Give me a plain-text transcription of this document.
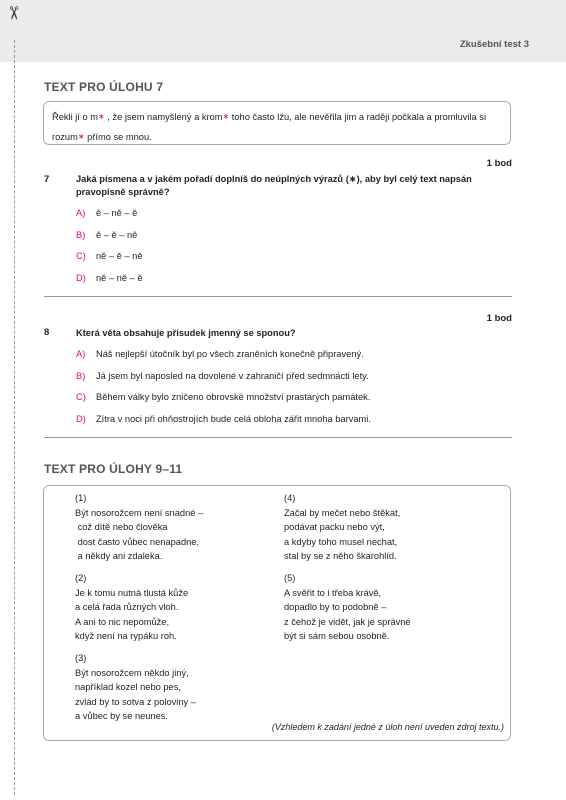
✂
Zkušební test 3
TEXT PRO ÚLOHU 7
Řekli jí o m∗ , že jsem namyšlený a krom∗ toho často lžu, ale nevěřila jim a raději počkala a promluvila si rozum∗ přímo se mnou.
1 bod
7	Jaká písmena a v jakém pořadí doplníš do neúplných výrazů (∗), aby byl celý text napsán pravopisně správně?
A) ě – ně – ě
B) ě – ě – ně
C) ně – ě – ně
D) ně – ně – ě
1 bod
8	Která věta obsahuje přísudek jmenný se sponou?
A) Náš nejlepší útočník byl po všech zraněních konečně připravený.
B) Já jsem byl naposled na dovolené v zahraničí před sedmnácti lety.
C) Během války bylo zničeno obrovské množství prastarých památek.
D) Zítra v noci při ohňostrojích bude celá obloha zářit mnoha barvami.
TEXT PRO ÚLOHY 9–11
(1)
Být nosorožcem není snadné –
což dítě nebo člověka
dost často vůbec nenapadne,
a někdy ani zdaleka.
(2)
Je k tomu nutná tlustá kůže
a celá řada různých vloh.
A ani to nic nepomůže,
když není na rypáku roh.
(3)
Být nosorožcem někdo jiný,
například kozel nebo pes,
zvlád by to sotva z poloviny –
a vůbec by se neunes.
(4)
Začal by mečet nebo štěkat,
podávat packu nebo výt,
a kdyby toho musel nechat,
stal by se z něho škarohlíd.
(5)
A svěřit to i třeba krávě,
dopadlo by to podobně –
z čehož je vidět, jak je správné
být si sám sebou osobně.
(Vzhledem k zadání jedné z úloh není uveden zdroj textu.)
